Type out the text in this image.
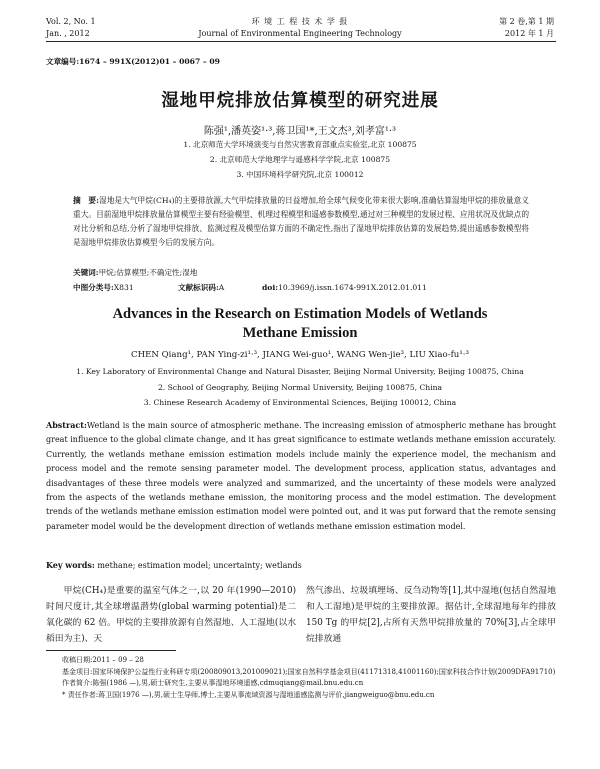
Vol. 2, No. 1
Jan. , 2012
环 境 工 程 技 术 学 报
Journal of Environmental Engineering Technology
第 2 卷,第 1 期
2012 年 1 月
文章编号:1674 – 991X(2012)01 – 0067 – 09
湿地甲烷排放估算模型的研究进展
陈强¹,潘英姿¹·³,蒋卫国¹*,王文杰³,刘孝富¹·³
1. 北京师范大学环境演变与自然灾害教育部重点实验室,北京 100875
2. 北京师范大学地理学与遥感科学学院,北京 100875
3. 中国环境科学研究院,北京 100012
摘　要:湿地是大气甲烷(CH₄)的主要排放源,大气甲烷排放量的日益增加,给全球气候变化带来很大影响,准确估算湿地甲烷的排放量意义重大。目前湿地甲烷排放量估算模型主要有经验模型、机理过程模型和遥感参数模型,通过对三种模型的发展过程、应用状况及优缺点的对比分析和总结,分析了湿地甲烷排放、监测过程及模型估算方面的不确定性,指出了湿地甲烷排放估算的发展趋势,提出遥感参数模型将是湿地甲烷排放估算模型今后的发展方向。
关键词:甲烷;估算模型;不确定性;湿地
中图分类号:X831	文献标识码:A	doi:10.3969/j.issn.1674-991X.2012.01.011
Advances in the Research on Estimation Models of Wetlands
Methane Emission
CHEN Qiang¹, PAN Ying-zi¹·³, JIANG Wei-guo¹, WANG Wen-jie³, LIU Xiao-fu¹·³
1. Key Laboratory of Environmental Change and Natural Disaster, Beijing Normal University, Beijing 100875, China
2. School of Geography, Beijing Normal University, Beijing 100875, China
3. Chinese Research Academy of Environmental Sciences, Beijing 100012, China
Abstract:Wetland is the main source of atmospheric methane. The increasing emission of atmospheric methane has brought great influence to the global climate change, and it has great significance to estimate wetlands methane emission accurately. Currently, the wetlands methane emission estimation models include mainly the experience model, the mechanism and process model and the remote sensing parameter model. The development process, application status, advantages and disadvantages of these three models were analyzed and summarized, and the uncertainty of these models were analyzed from the aspects of the wetlands methane emission, the monitoring process and the model estimation. The development trends of the wetlands methane emission estimation model were pointed out, and it was put forward that the remote sensing parameter model would be the development direction of wetlands methane emission estimation model.
Key words: methane; estimation model; uncertainty; wetlands
甲烷(CH₄)是重要的温室气体之一,以 20 年(1990—2010)时间尺度计,其全球增温潜势(global warming potential)是二氧化碳的 62 倍。甲烷的主要排放源有自然湿地、人工湿地(以水稻田为主)、天
然气渗出、垃圾填埋场、反刍动物等[1],其中湿地(包括自然湿地和人工湿地)是甲烷的主要排放源。据估计,全球湿地每年约排放 150 Tg 的甲烷[2],占所有天然甲烷排放量的 70%[3],占全球甲烷排放通
收稿日期:2011 – 09 – 28
基金项目:国家环境保护公益性行业科研专项(200809013,201009021);国家自然科学基金项目(41171318,41001160);国家科技合作计划(2009DFA91710)
作者简介:陈强(1986 —),男,硕士研究生,主要从事湿地环境遥感,cdmuqiang@mail.bnu.edu.cn
* 责任作者:蒋卫国(1976 —),男,硕士生导师,博士,主要从事流域资源与湿地遥感监测与评价,jiangweiguo@bnu.edu.cn
